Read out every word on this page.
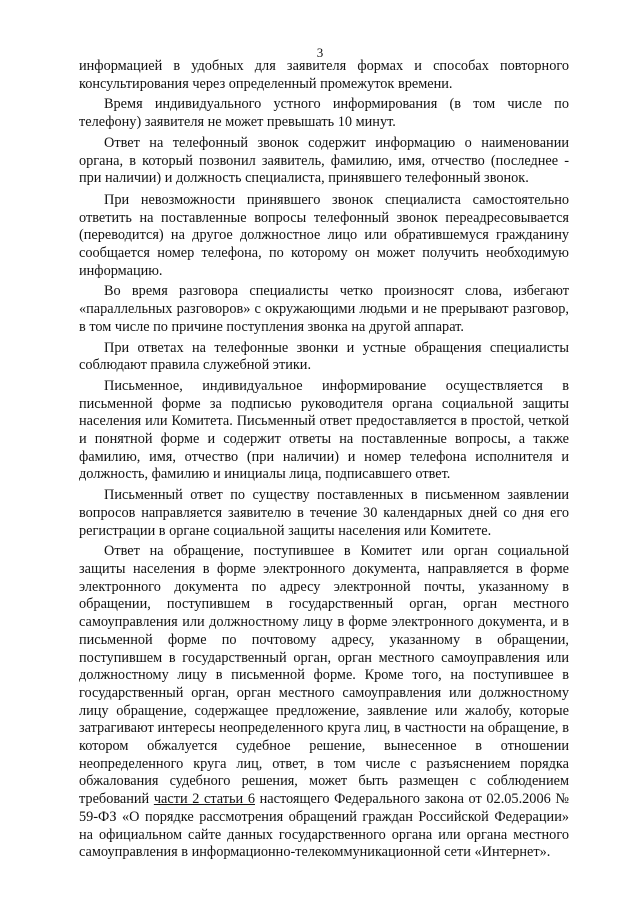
3

информацией в удобных для заявителя формах и способах повторного консультирования через определенный промежуток времени.

Время индивидуального устного информирования (в том числе по телефону) заявителя не может превышать 10 минут.

Ответ на телефонный звонок содержит информацию о наименовании органа, в который позвонил заявитель, фамилию, имя, отчество (последнее - при наличии) и должность специалиста, принявшего телефонный звонок.

При невозможности принявшего звонок специалиста самостоятельно ответить на поставленные вопросы телефонный звонок переадресовывается (переводится) на другое должностное лицо или обратившемуся гражданину сообщается номер телефона, по которому он может получить необходимую информацию.

Во время разговора специалисты четко произносят слова, избегают «параллельных разговоров» с окружающими людьми и не прерывают разговор, в том числе по причине поступления звонка на другой аппарат.

При ответах на телефонные звонки и устные обращения специалисты соблюдают правила служебной этики.

Письменное, индивидуальное информирование осуществляется в письменной форме за подписью руководителя органа социальной защиты населения или Комитета. Письменный ответ предоставляется в простой, четкой и понятной форме и содержит ответы на поставленные вопросы, а также фамилию, имя, отчество (при наличии) и номер телефона исполнителя и должность, фамилию и инициалы лица, подписавшего ответ.

Письменный ответ по существу поставленных в письменном заявлении вопросов направляется заявителю в течение 30 календарных дней со дня его регистрации в органе социальной защиты населения или Комитете.

Ответ на обращение, поступившее в Комитет или орган социальной защиты населения в форме электронного документа, направляется в форме электронного документа по адресу электронной почты, указанному в обращении, поступившем в государственный орган, орган местного самоуправления или должностному лицу в форме электронного документа, и в письменной форме по почтовому адресу, указанному в обращении, поступившем в государственный орган, орган местного самоуправления или должностному лицу в письменной форме. Кроме того, на поступившее в государственный орган, орган местного самоуправления или должностному лицу обращение, содержащее предложение, заявление или жалобу, которые затрагивают интересы неопределенного круга лиц, в частности на обращение, в котором обжалуется судебное решение, вынесенное в отношении неопределенного круга лиц, ответ, в том числе с разъяснением порядка обжалования судебного решения, может быть размещен с соблюдением требований части 2 статьи 6 настоящего Федерального закона от 02.05.2006 № 59-ФЗ «О порядке рассмотрения обращений граждан Российской Федерации» на официальном сайте данных государственного органа или органа местного самоуправления в информационно-телекоммуникационной сети «Интернет».
